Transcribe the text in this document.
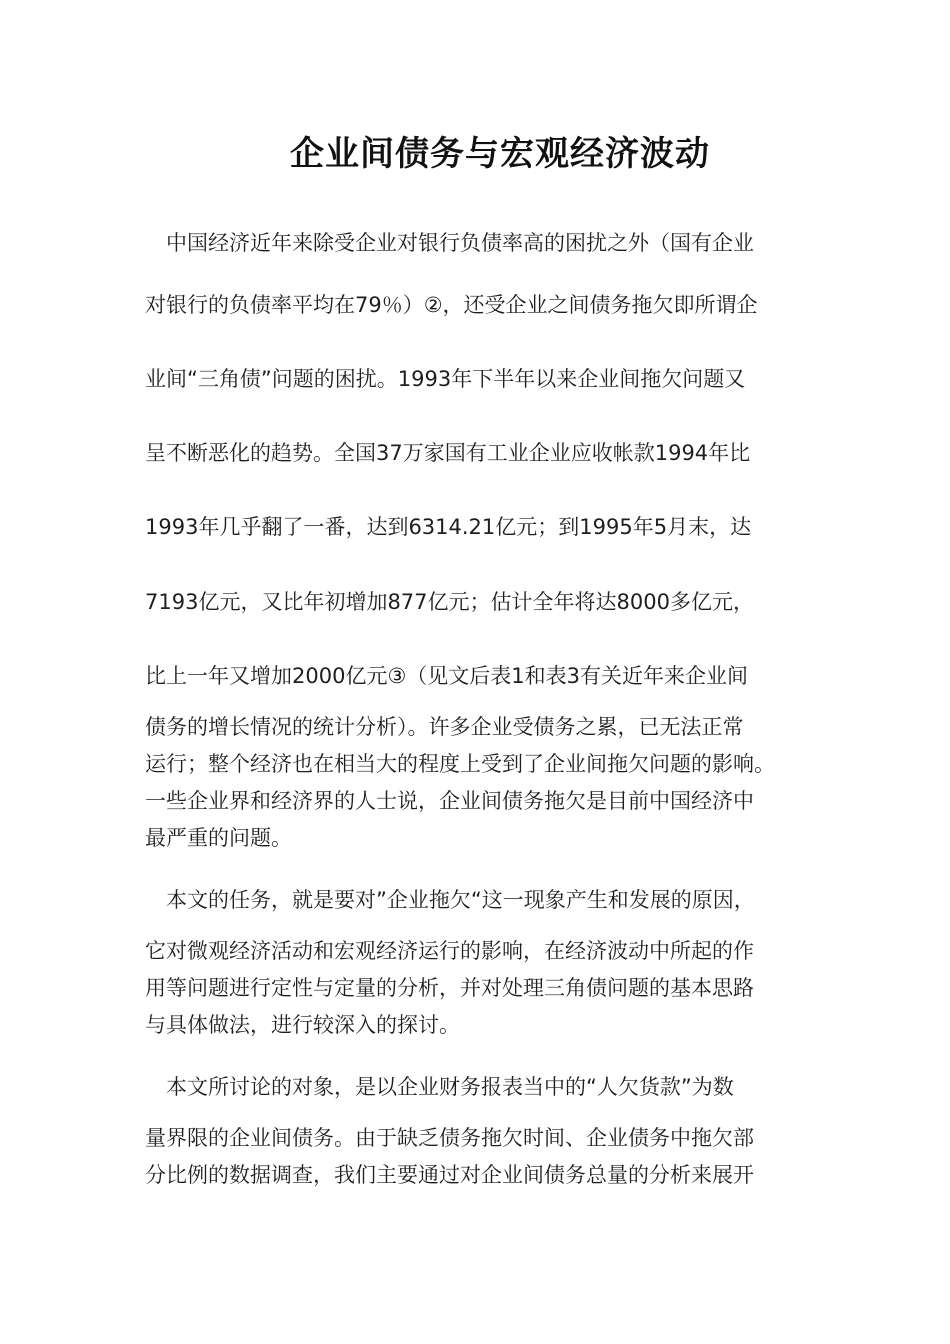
企业间债务与宏观经济波动
　中国经济近年来除受企业对银行负债率高的困扰之外（国有企业
对银行的负债率平均在79％）②，还受企业之间债务拖欠即所谓企
业间“三角债”问题的困扰。1993年下半年以来企业间拖欠问题又
呈不断恶化的趋势。全国37万家国有工业企业应收帐款1994年比
1993年几乎翻了一番，达到6314.21亿元；到1995年5月末，达
7193亿元，又比年初增加877亿元；估计全年将达8000多亿元，
比上一年又增加2000亿元③（见文后表1和表3有关近年来企业间
债务的增长情况的统计分析）。许多企业受债务之累，已无法正常
运行；整个经济也在相当大的程度上受到了企业间拖欠问题的影响。
一些企业界和经济界的人士说，企业间债务拖欠是目前中国经济中
最严重的问题。
　本文的任务，就是要对”企业拖欠“这一现象产生和发展的原因，
它对微观经济活动和宏观经济运行的影响，在经济波动中所起的作
用等问题进行定性与定量的分析，并对处理三角债问题的基本思路
与具体做法，进行较深入的探讨。
　本文所讨论的对象，是以企业财务报表当中的“人欠货款”为数
量界限的企业间债务。由于缺乏债务拖欠时间、企业债务中拖欠部
分比例的数据调查，我们主要通过对企业间债务总量的分析来展开
